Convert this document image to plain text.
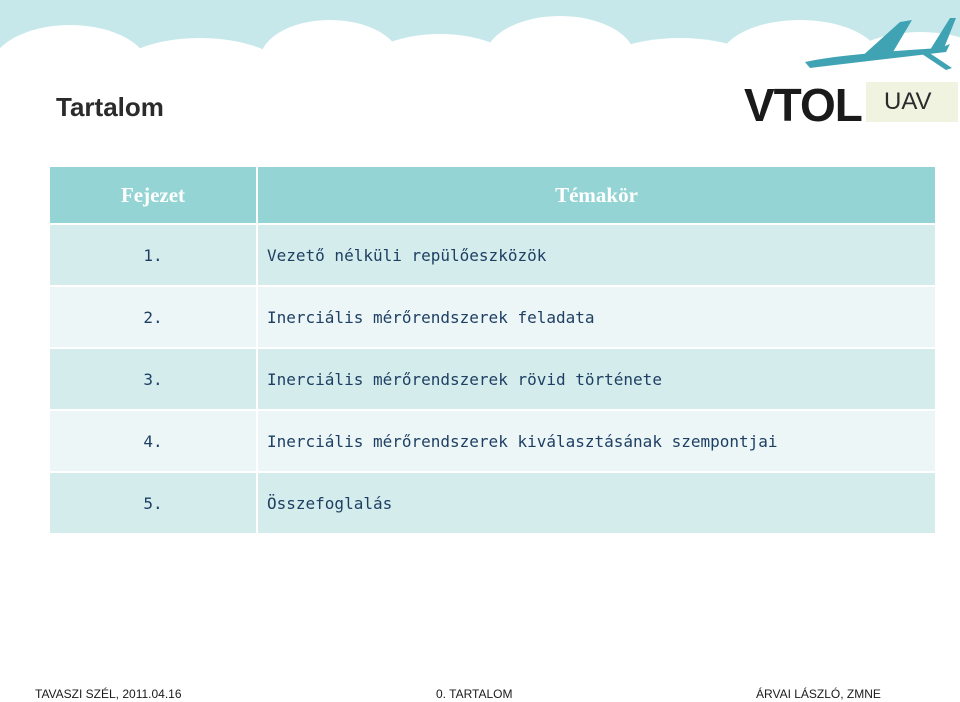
Tartalom	VTOL UAV
Fejezet	Témakör
1.	Vezető nélküli repülőeszközök
2.	Inerciális mérőrendszerek feladata
3.	Inerciális mérőrendszerek rövid története
4.	Inerciális mérőrendszerek kiválasztásának szempontjai
5.	Összefoglalás
TAVASZI SZÉL, 2011.04.16	0. TARTALOM	ÁRVAI LÁSZLÓ, ZMNE
